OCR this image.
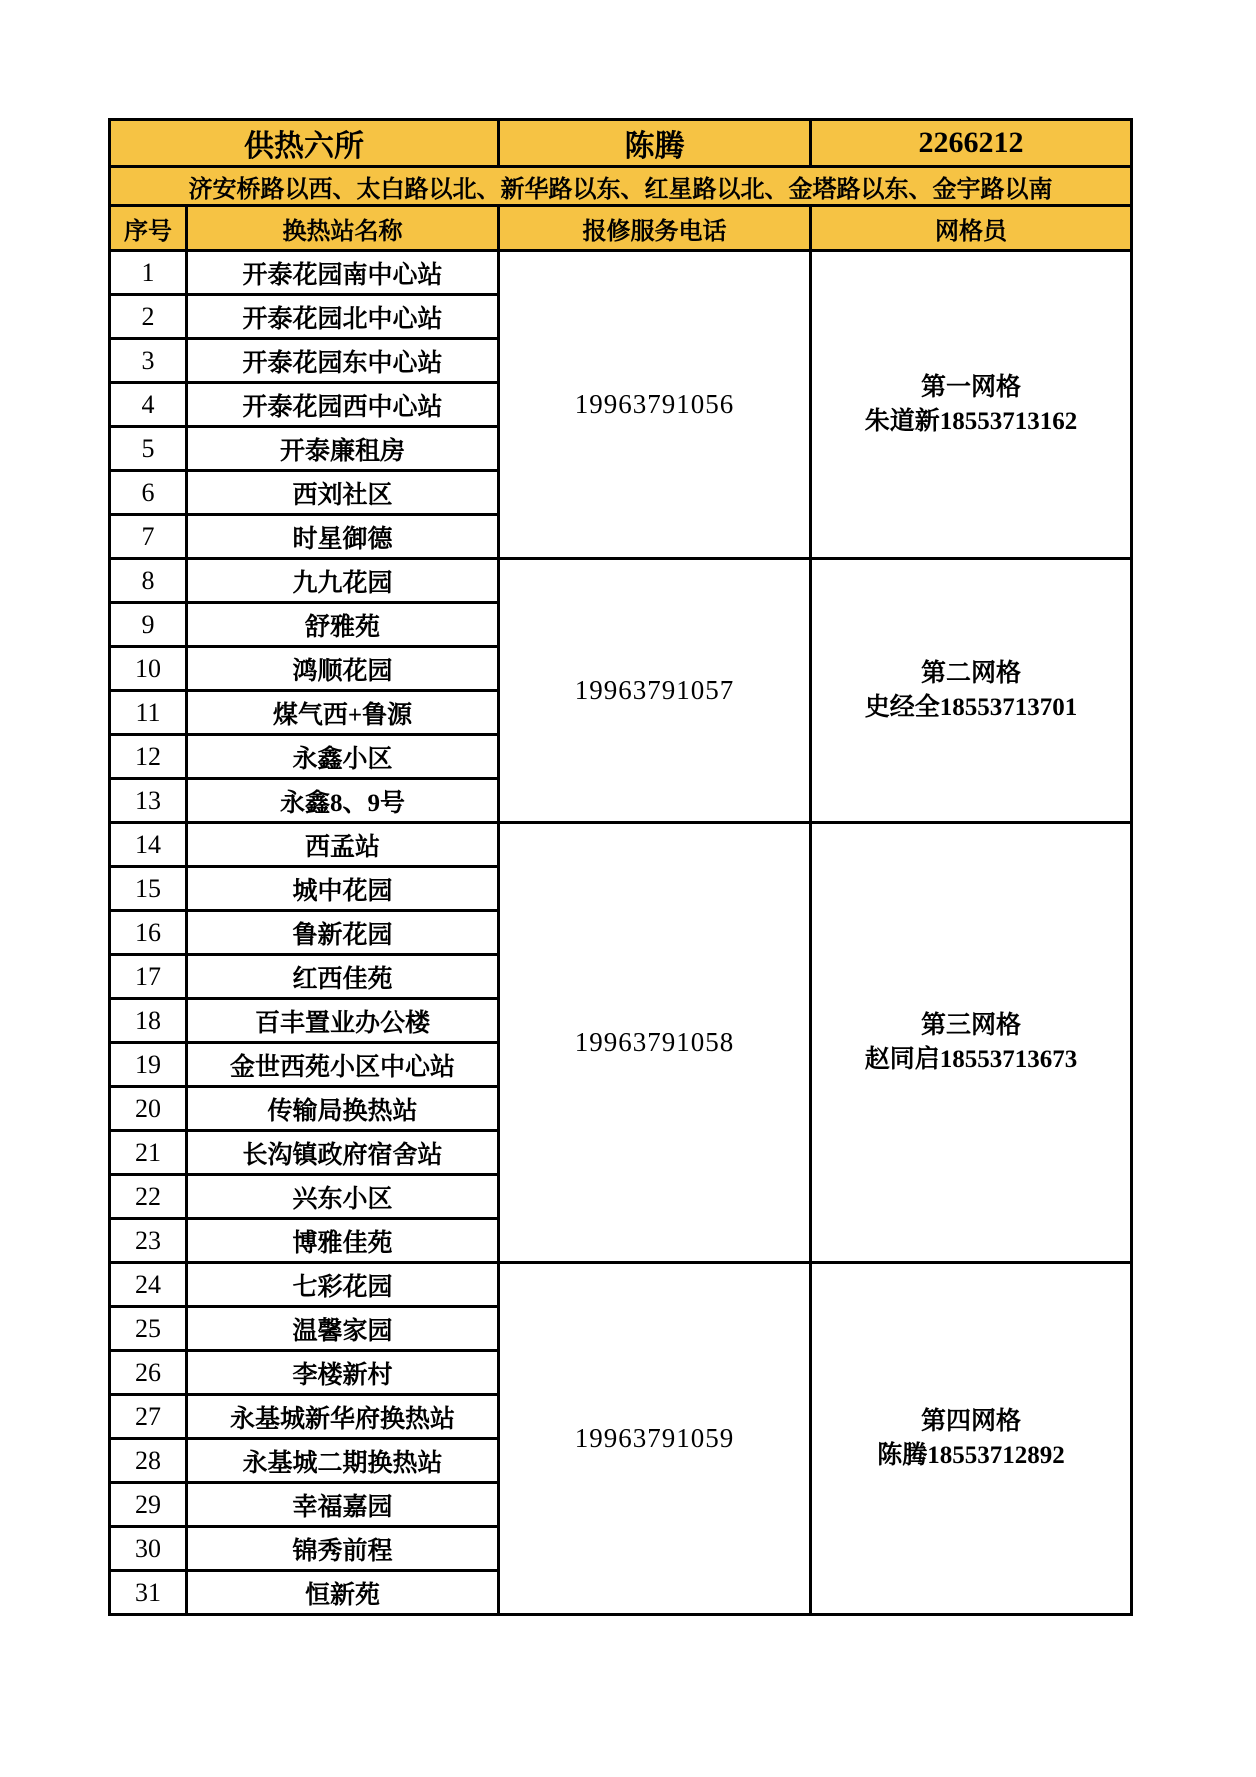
供热六所		陈腾	2266212
济安桥路以西、太白路以北、新华路以东、红星路以北、金塔路以东、金宇路以南			
序号	换热站名称	报修服务电话	网格员
1	开泰花园南中心站	19963791056	第一网格
朱道新18553713162

2	开泰花园北中心站		
3	开泰花园东中心站		
4	开泰花园西中心站		
5	开泰廉租房		
6	西刘社区		
7	时星御德		
8	九九花园	19963791057	第二网格
史经全18553713701

9	舒雅苑		
10	鸿顺花园		
11	煤气西+鲁源		
12	永鑫小区		
13	永鑫8、9号		
14	西孟站	19963791058	第三网格
赵同启18553713673

15	城中花园		
16	鲁新花园		
17	红西佳苑		
18	百丰置业办公楼		
19	金世西苑小区中心站		
20	传输局换热站		
21	长沟镇政府宿舍站		
22	兴东小区		
23	博雅佳苑		
24	七彩花园	19963791059	第四网格
陈腾18553712892

25	温馨家园		
26	李楼新村		
27	永基城新华府换热站		
28	永基城二期换热站		
29	幸福嘉园		
30	锦秀前程		
31	恒新苑		
